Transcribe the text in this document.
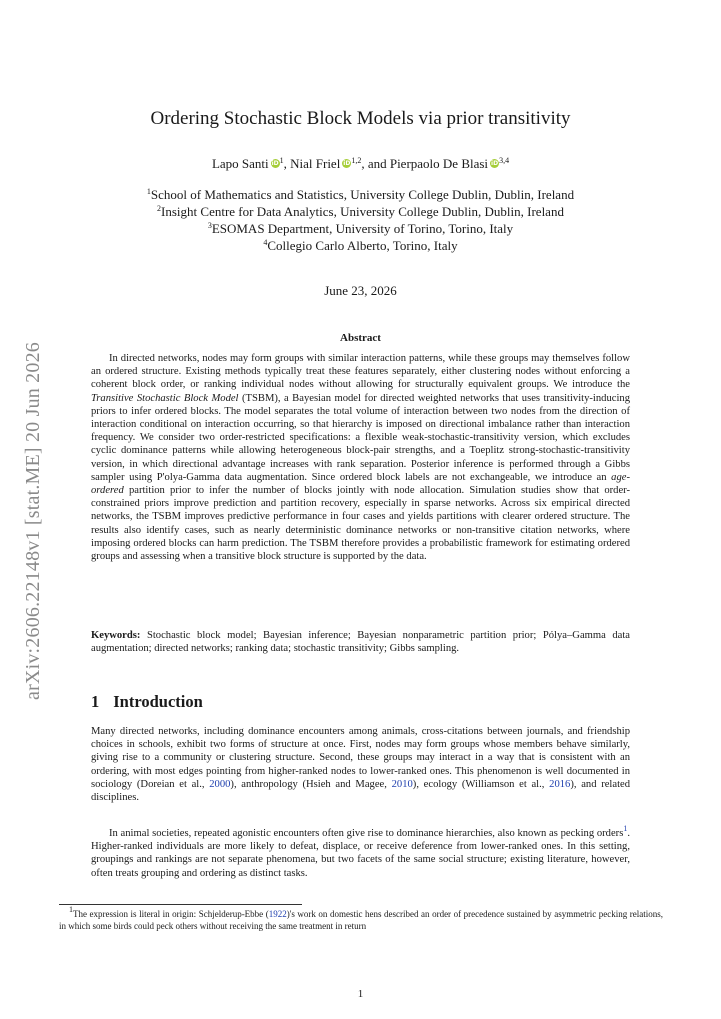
arXiv:2606.22148v1 [stat.ME] 20 Jun 2026
Ordering Stochastic Block Models via prior transitivity
Lapo Santi $iD^1$, Nial Friel iD$^{1,2}$, and Pierpaolo De Blasi iD$^{3,4}$
$^1$School of Mathematics and Statistics, University College Dublin, Dublin, Ireland
$^2$Insight Centre for Data Analytics, University College Dublin, Dublin, Ireland
$^3$ESOMAS Department, University of Torino, Torino, Italy
$^4$Collegio Carlo Alberto, Torino, Italy
June 23, 2026
Abstract

In directed networks, nodes may form groups with similar interaction patterns, while these groups may themselves follow an ordered structure. Existing methods typically treat these features separately, either clustering nodes without enforcing a coherent block order, or ranking individual nodes without allowing for structurally equivalent groups. We introduce the Transitive Stochastic Block Model (TSBM), a Bayesian model for directed weighted networks that uses transitivity-inducing priors to infer ordered blocks. The model separates the total volume of interaction between two nodes from the direction of interaction conditional on interaction occurring, so that hierarchy is imposed on directional imbalance rather than interaction frequency. We consider two order-restricted specifications: a flexible weak-stochastic-transitivity version, which excludes cyclic dominance patterns while allowing heterogeneous block-pair strengths, and a Toeplitz strong-stochastic-transitivity version, in which directional advantage increases with rank separation. Posterior inference is performed through a Gibbs sampler using P'olya-Gamma data augmentation. Since ordered block labels are not exchangeable, we introduce an age-ordered partition prior to infer the number of blocks jointly with node allocation. Simulation studies show that order-constrained priors improve prediction and partition recovery, especially in sparse networks. Across six empirical directed networks, the TSBM improves predictive performance in four cases and yields partitions with clearer ordered structure. The results also identify cases, such as nearly deterministic dominance networks or non-transitive citation networks, where imposing ordered blocks can harm prediction. The TSBM therefore provides a probabilistic framework for estimating ordered groups and assessing when a transitive block structure is supported by the data.

Keywords: Stochastic block model; Bayesian inference; Bayesian nonparametric partition prior; Pólya–Gamma data augmentation; directed networks; ranking data; stochastic transitivity; Gibbs sampling.

1 Introduction

Many directed networks, including dominance encounters among animals, cross-citations between journals, and friendship choices in schools, exhibit two forms of structure at once. First, nodes may form groups whose members behave similarly, giving rise to a community or clustering structure. Second, these groups may interact in a way that is consistent with an ordering, with most edges pointing from higher-ranked nodes to lower-ranked ones. This phenomenon is well documented in sociology (Doreian et al., 2000), anthropology (Hsieh and Magee, 2010), ecology (Williamson et al., 2016), and related disciplines.

In animal societies, repeated agonistic encounters often give rise to dominance hierarchies, also known as pecking orders$^1$. Higher-ranked individuals are more likely to defeat, displace, or receive deference from lower-ranked ones. In this setting, groupings and rankings are not separate phenomena, but two facets of the same social structure; existing literature, however, often treats grouping and ordering as distinct tasks.

$^1$The expression is literal in origin: Schjelderup-Ebbe (1922)'s work on domestic hens described an order of precedence sustained by asymmetric pecking relations, in which some birds could peck others without receiving the same treatment in return

1
